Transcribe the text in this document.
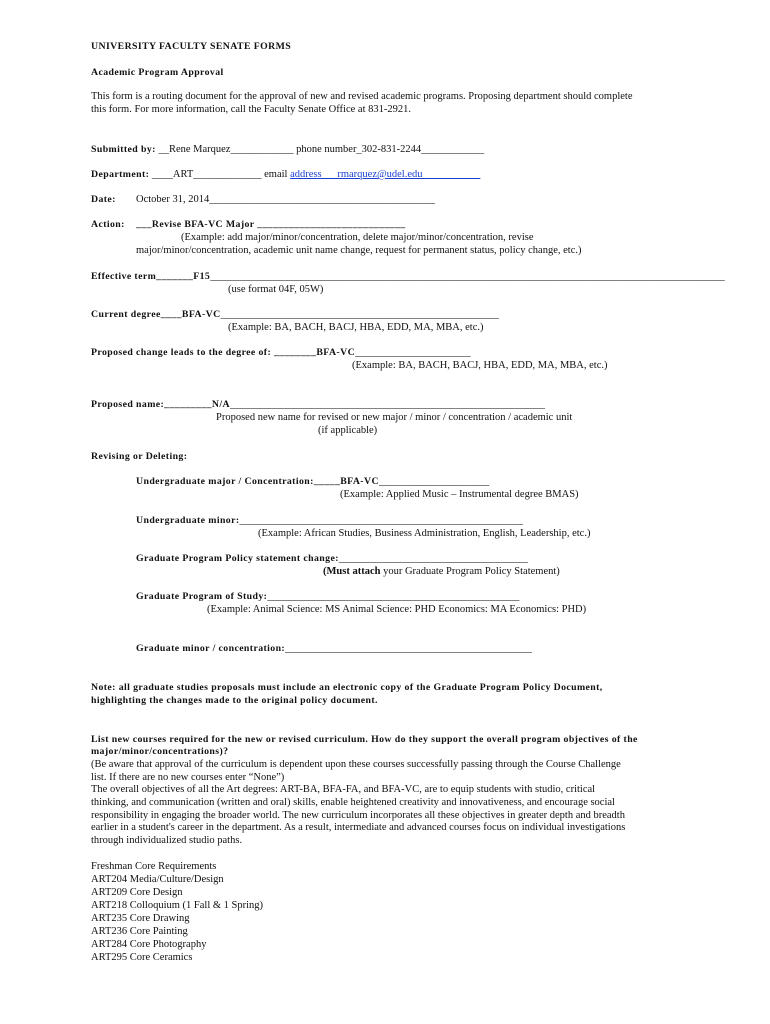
UNIVERSITY FACULTY SENATE FORMS
Academic Program Approval
This form is a routing document for the approval of new and revised academic programs. Proposing department should complete
this form. For more information, call the Faculty Senate Office at 831-2921.
Submitted by: __Rene Marquez____________ phone number_302-831-2244____________
Department: ____ART_____________ email address___rmarquez@udel.edu___________
Date: October 31, 2014___________________________________________
Action: ___Revise BFA-VC Major ____________________________
(Example: add major/minor/concentration, delete major/minor/concentration, revise
major/minor/concentration, academic unit name change, request for permanent status, policy change, etc.)
Effective term_______F15__________________________________________________________________________________________________
(use format 04F, 05W)
Current degree____BFA-VC_____________________________________________________
(Example: BA, BACH, BACJ, HBA, EDD, MA, MBA, etc.)
Proposed change leads to the degree of: ________BFA-VC______________________
(Example: BA, BACH, BACJ, HBA, EDD, MA, MBA, etc.)
Proposed name:_________N/A____________________________________________________________
Proposed new name for revised or new major / minor / concentration / academic unit
(if applicable)
Revising or Deleting:
Undergraduate major / Concentration:_____BFA-VC_____________________
(Example: Applied Music – Instrumental degree BMAS)
Undergraduate minor:______________________________________________________
(Example: African Studies, Business Administration, English, Leadership, etc.)
Graduate Program Policy statement change:____________________________________
(Must attach your Graduate Program Policy Statement)
Graduate Program of Study:________________________________________________
(Example: Animal Science: MS Animal Science: PHD Economics: MA Economics: PHD)
Graduate minor / concentration:_______________________________________________
Note: all graduate studies proposals must include an electronic copy of the Graduate Program Policy Document,
highlighting the changes made to the original policy document.
List new courses required for the new or revised curriculum. How do they support the overall program objectives of the
major/minor/concentrations)?
(Be aware that approval of the curriculum is dependent upon these courses successfully passing through the Course Challenge
list. If there are no new courses enter “None”)
The overall objectives of all the Art degrees: ART-BA, BFA-FA, and BFA-VC, are to equip students with studio, critical
thinking, and communication (written and oral) skills, enable heightened creativity and innovativeness, and encourage social
responsibility in engaging the broader world. The new curriculum incorporates all these objectives in greater depth and breadth
earlier in a student's career in the department. As a result, intermediate and advanced courses focus on individual investigations
through individualized studio paths.
Freshman Core Requirements
ART204 Media/Culture/Design
ART209 Core Design
ART218 Colloquium (1 Fall & 1 Spring)
ART235 Core Drawing
ART236 Core Painting
ART284 Core Photography
ART295 Core Ceramics
